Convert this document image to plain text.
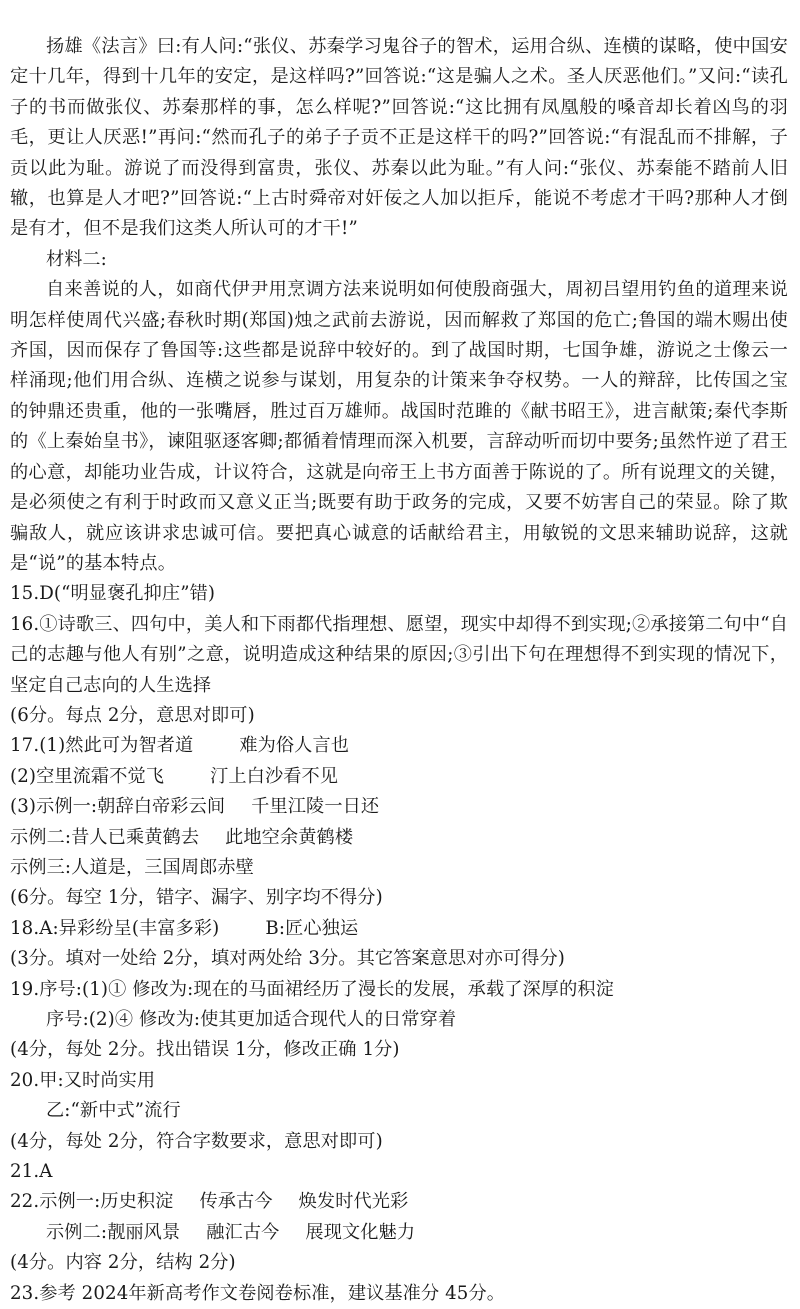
扬雄《法言》曰:有人问:“张仪、苏秦学习鬼谷子的智术，运用合纵、连横的谋略，使中国安定十几年，得到十几年的安定，是这样吗?”回答说:“这是骗人之术。圣人厌恶他们。”又问:“读孔子的书而做张仪、苏秦那样的事，怎么样呢?”回答说:“这比拥有凤凰般的嗓音却长着凶鸟的羽毛，更让人厌恶!”再问:“然而孔子的弟子子贡不正是这样干的吗?”回答说:“有混乱而不排解，子贡以此为耻。游说了而没得到富贵，张仪、苏秦以此为耻。”有人问:“张仪、苏秦能不踏前人旧辙，也算是人才吧?”回答说:“上古时舜帝对奸佞之人加以拒斥，能说不考虑才干吗?那种人才倒是有才，但不是我们这类人所认可的才干!”

材料二:

自来善说的人，如商代伊尹用烹调方法来说明如何使殷商强大，周初吕望用钓鱼的道理来说明怎样使周代兴盛;春秋时期(郑国)烛之武前去游说，因而解救了郑国的危亡;鲁国的端木赐出使齐国，因而保存了鲁国等:这些都是说辞中较好的。到了战国时期，七国争雄，游说之士像云一样涌现;他们用合纵、连横之说参与谋划，用复杂的计策来争夺权势。一人的辩辞，比传国之宝的钟鼎还贵重，他的一张嘴唇，胜过百万雄师。战国时范雎的《献书昭王》，进言献策;秦代李斯的《上秦始皇书》，谏阻驱逐客卿;都循着情理而深入机要，言辞动听而切中要务;虽然忤逆了君王的心意，却能功业告成，计议符合，这就是向帝王上书方面善于陈说的了。所有说理文的关键，是必须使之有利于时政而又意义正当;既要有助于政务的完成，又要不妨害自己的荣显。除了欺骗敌人，就应该讲求忠诚可信。要把真心诚意的话献给君主，用敏锐的文思来辅助说辞，这就是“说”的基本特点。

15.D(“明显褒孔抑庄”错)

16.①诗歌三、四句中，美人和下雨都代指理想、愿望，现实中却得不到实现;②承接第二句中“自己的志趣与他人有别”之意，说明造成这种结果的原因;③引出下句在理想得不到实现的情况下，坚定自己志向的人生选择

(6分。每点 2分，意思对即可)

17.(1)然此可为智者道	难为俗人言也

(2)空里流霜不觉飞	汀上白沙看不见

(3)示例一:朝辞白帝彩云间 千里江陵一日还

示例二:昔人已乘黄鹤去 此地空余黄鹤楼

示例三:人道是，三国周郎赤壁

(6分。每空 1分，错字、漏字、别字均不得分)

18.A:异彩纷呈(丰富多彩)	B:匠心独运

(3分。填对一处给 2分，填对两处给 3分。其它答案意思对亦可得分)

19.序号:(1)① 修改为:现在的马面裙经历了漫长的发展，承载了深厚的积淀

序号:(2)④ 修改为:使其更加适合现代人的日常穿着

(4分，每处 2分。找出错误 1分，修改正确 1分)

20.甲:又时尚实用

乙:“新中式”流行

(4分，每处 2分，符合字数要求，意思对即可)

21.A

22.示例一:历史积淀 传承古今 焕发时代光彩

示例二:靓丽风景 融汇古今 展现文化魅力

(4分。内容 2分，结构 2分)

23.参考 2024年新高考作文卷阅卷标准，建议基准分 45分。
